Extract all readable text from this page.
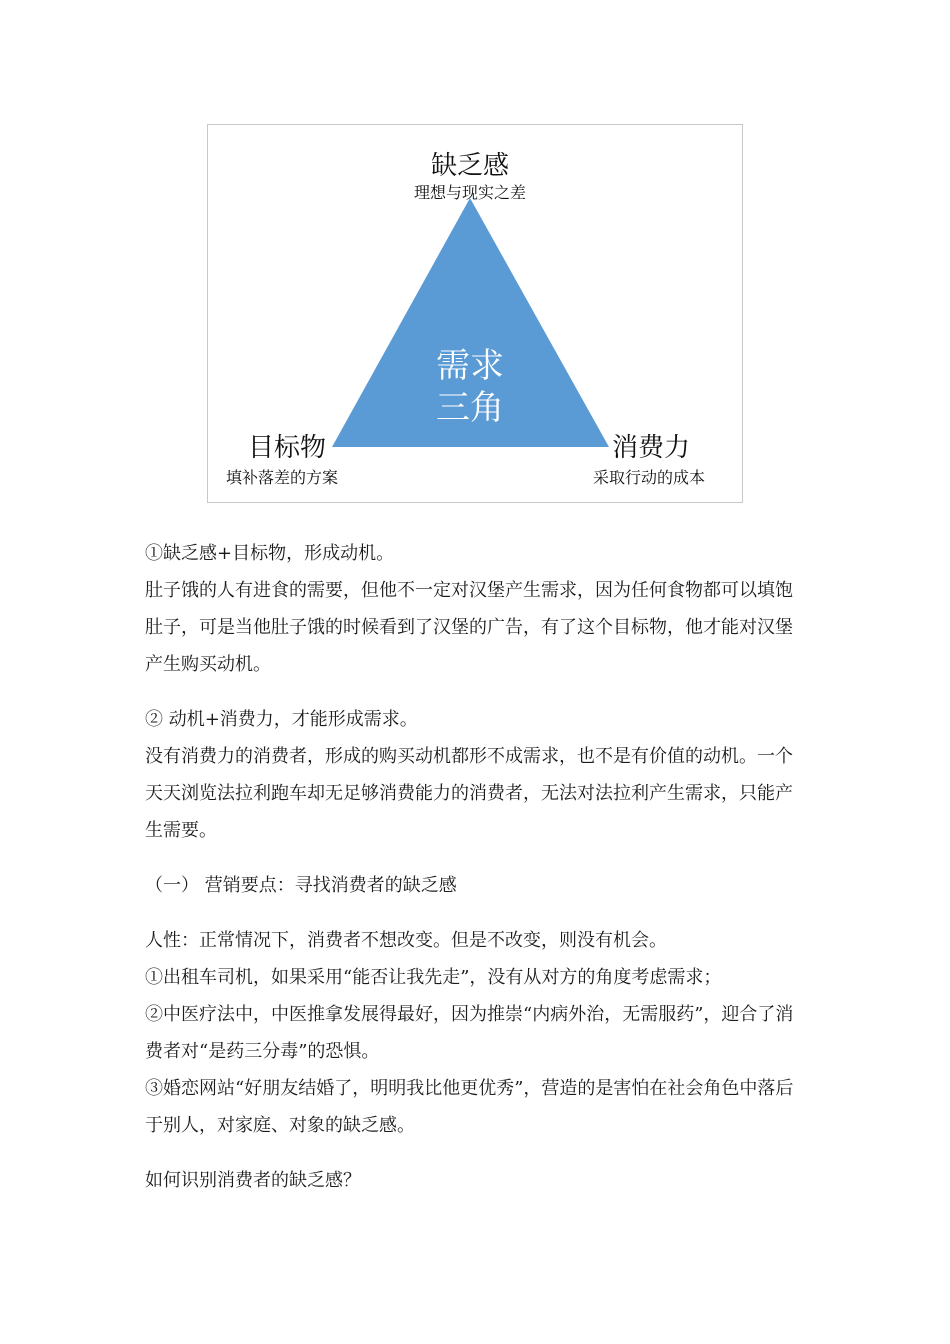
缺乏感
理想与现实之差
目标物
填补落差的方案
消费力
采取行动的成本
需求
三角

①缺乏感+目标物，形成动机。

肚子饿的人有进食的需要，但他不一定对汉堡产生需求，因为任何食物都可以填饱肚子，可是当他肚子饿的时候看到了汉堡的广告，有了这个目标物，他才能对汉堡产生购买动机。

② 动机+消费力，才能形成需求。

没有消费力的消费者，形成的购买动机都形不成需求，也不是有价值的动机。一个天天浏览法拉利跑车却无足够消费能力的消费者，无法对法拉利产生需求，只能产生需要。

（一） 营销要点：寻找消费者的缺乏感

人性：正常情况下，消费者不想改变。但是不改变，则没有机会。

①出租车司机，如果采用“能否让我先走”，没有从对方的角度考虑需求；

②中医疗法中，中医推拿发展得最好，因为推崇“内病外治，无需服药”，迎合了消费者对“是药三分毒”的恐惧。

③婚恋网站“好朋友结婚了，明明我比他更优秀”，营造的是害怕在社会角色中落后于别人，对家庭、对象的缺乏感。

如何识别消费者的缺乏感？
